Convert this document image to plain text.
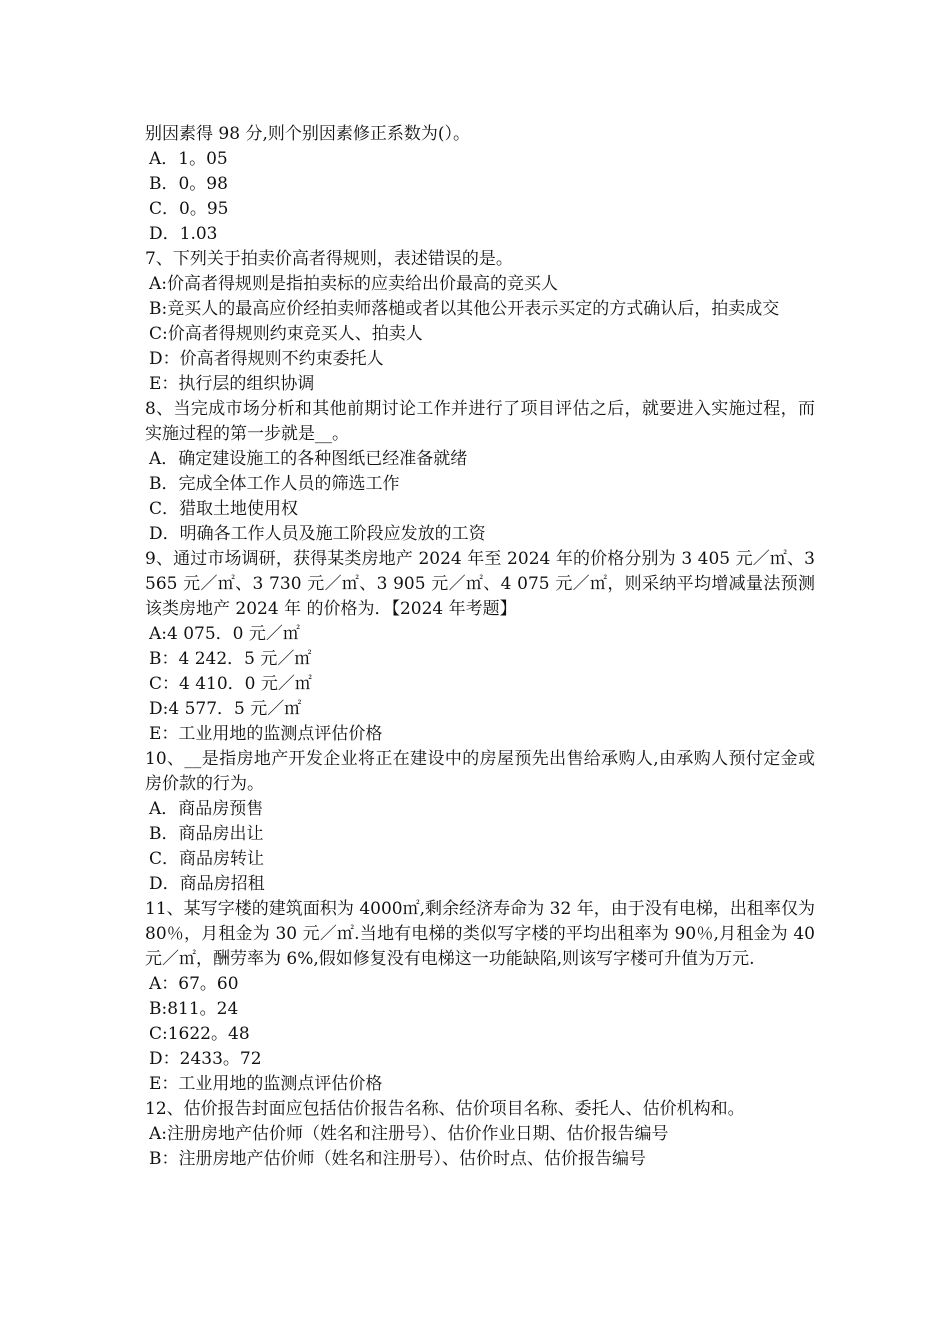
别因素得 98 分,则个别因素修正系数为(）。

A．1。05

B．0。98

C．0。95

D．1.03

7、下列关于拍卖价高者得规则，表述错误的是。

A:价高者得规则是指拍卖标的应卖给出价最高的竞买人

B:竞买人的最高应价经拍卖师落槌或者以其他公开表示买定的方式确认后，拍卖成交

C:价高者得规则约束竞买人、拍卖人

D：价高者得规则不约束委托人

E：执行层的组织协调

8、当完成市场分析和其他前期讨论工作并进行了项目评估之后，就要进入实施过程，而实施过程的第一步就是__。

A．确定建设施工的各种图纸已经准备就绪

B．完成全体工作人员的筛选工作

C．猎取土地使用权

D．明确各工作人员及施工阶段应发放的工资

9、通过市场调研，获得某类房地产 2024 年至 2024 年的价格分别为 3 405 元／㎡、3 565 元／㎡、3 730 元／㎡、3 905 元／㎡、4 075 元／㎡，则采纳平均增减量法预测该类房地产 2024 年 的价格为．【2024 年考题】

A:4 075．0 元／㎡

B：4 242．5 元／㎡

C：4 410．0 元／㎡

D:4 577．5 元／㎡

E：工业用地的监测点评估价格

10、__是指房地产开发企业将正在建设中的房屋预先出售给承购人,由承购人预付定金或房价款的行为。

A．商品房预售

B．商品房出让

C．商品房转让

D．商品房招租

11、某写字楼的建筑面积为 4000㎡,剩余经济寿命为 32 年，由于没有电梯，出租率仅为 80％，月租金为 30 元／㎡.当地有电梯的类似写字楼的平均出租率为 90％,月租金为 40 元／㎡，酬劳率为 6%,假如修复没有电梯这一功能缺陷,则该写字楼可升值为万元.

A：67。60

B:811。24

C:1622。48

D：2433。72

E：工业用地的监测点评估价格

12、估价报告封面应包括估价报告名称、估价项目名称、委托人、估价机构和。

A:注册房地产估价师（姓名和注册号）、估价作业日期、估价报告编号

B：注册房地产估价师（姓名和注册号）、估价时点、估价报告编号
